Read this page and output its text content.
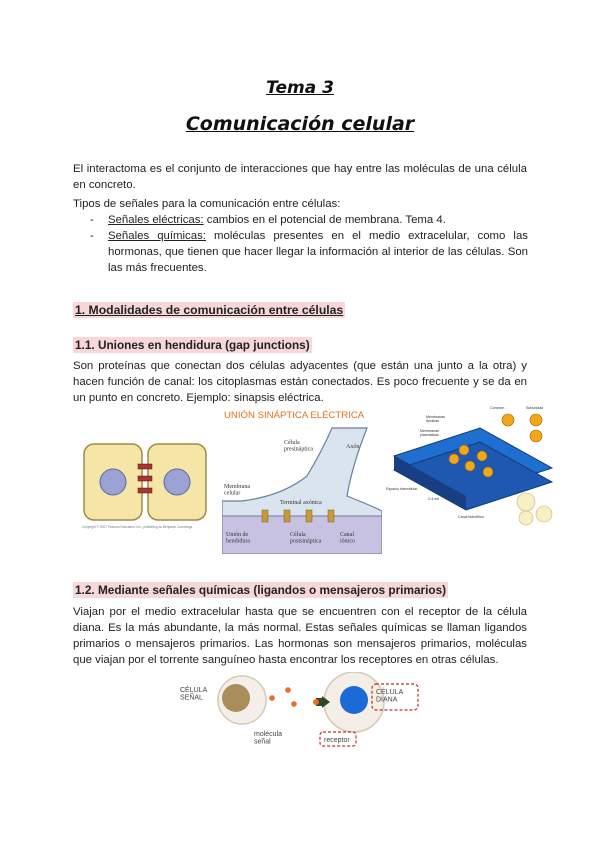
Tema 3
Comunicación celular
El interactoma es el conjunto de interacciones que hay entre las moléculas de una célula en concreto.
Tipos de señales para la comunicación entre células:
- Señales eléctricas: cambios en el potencial de membrana. Tema 4.
- Señales químicas: moléculas presentes en el medio extracelular, como las hormonas, que tienen que hacer llegar la información al interior de las células. Son las más frecuentes.
1. Modalidades de comunicación entre células
1.1. Uniones en hendidura (gap junctions)
Son proteínas que conectan dos células adyacentes (que están una junto a la otra) y hacen función de canal: los citoplasmas están conectados. Es poco frecuente y se da en un punto en concreto. Ejemplo: sinapsis eléctrica.
Copyright © 2007 Pearson Education, Inc., publishing as Benjamin Cummings
UNIÓN SINÁPTICA ELÉCTRICA
Célula presináptica	Axón
Membrana celular
Terminal axónica
Unión de hendidura
Célula postsináptica
Canal iónico
Conexón	Subunidad
Membranas lipídicas
Membranas plasmáticas
Espacio intercelular
2-4 nm
Canal hidrofílico
1.2. Mediante señales químicas (ligandos o mensajeros primarios)
Viajan por el medio extracelular hasta que se encuentren con el receptor de la célula diana. Es la más abundante, la más normal. Estas señales químicas se llaman ligandos primarios o mensajeros primarios. Las hormonas son mensajeros primarios, moléculas que viajan por el torrente sanguíneo hasta encontrar los receptores en otras células.
CÉLULA SEÑAL
molécula señal
CÉLULA DIANA
receptor
